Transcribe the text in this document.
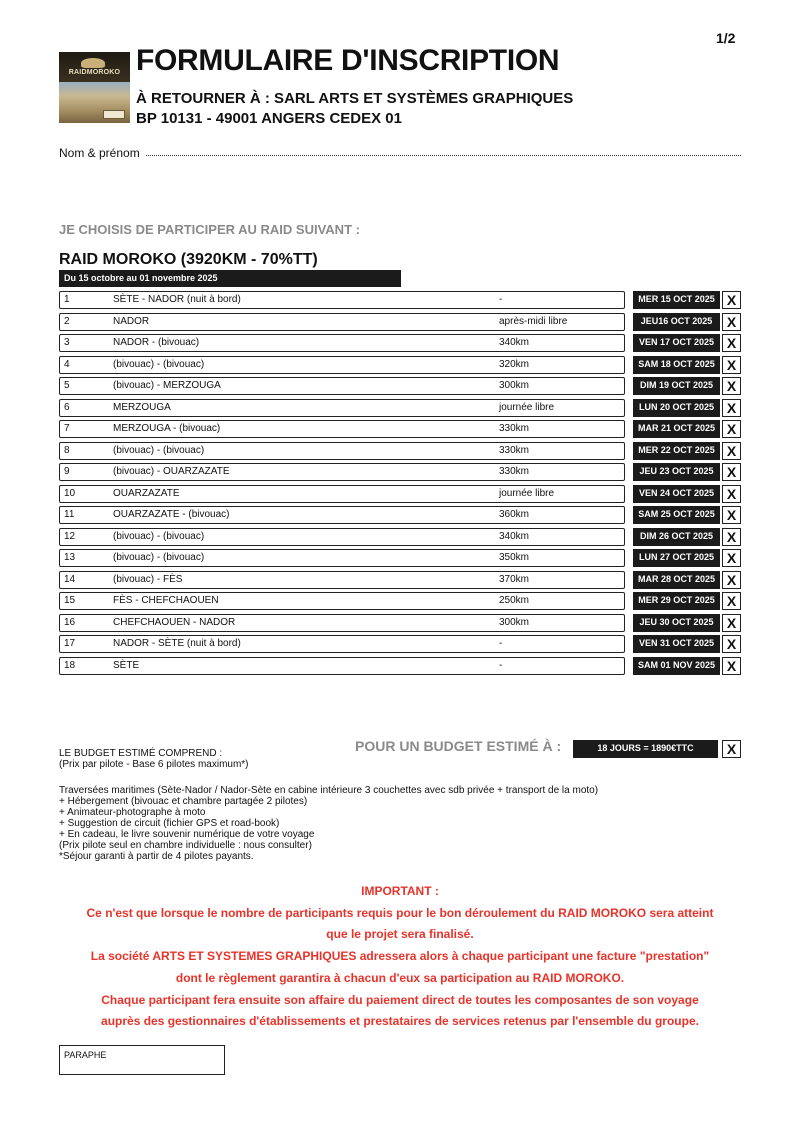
1/2
RAIDMOROKO FORMULAIRE D'INSCRIPTION
À RETOURNER À : SARL ARTS ET SYSTÈMES GRAPHIQUES
BP 10131 - 49001 ANGERS CEDEX 01
Nom & prénom
JE CHOISIS DE PARTICIPER AU RAID SUIVANT :
RAID MOROKO (3920KM - 70%TT)
Du 15 octobre au 01 novembre 2025
1	SÈTE - NADOR (nuit à bord)	-	MER 15 OCT 2025 X
2	NADOR	après-midi libre	JEU16 OCT 2025	X
3	NADOR - (bivouac)	340km	VEN 17 OCT 2025 X
4	(bivouac) - (bivouac)	320km	SAM 18 OCT 2025 X
5	(bivouac) - MERZOUGA	300km	DIM 19 OCT 2025 X
6	MERZOUGA	journée libre	LUN 20 OCT 2025 X
7	MERZOUGA - (bivouac)	330km	MAR 21 OCT 2025 X
8	(bivouac) - (bivouac)	330km	MER 22 OCT 2025 X
9	(bivouac) - OUARZAZATE	330km	JEU 23 OCT 2025 X
10	OUARZAZATE	journée libre	VEN 24 OCT 2025 X
11	OUARZAZATE - (bivouac)	360km	SAM 25 OCT 2025 X
12	(bivouac) - (bivouac)	340km	DIM 26 OCT 2025 X
13	(bivouac) - (bivouac)	350km	LUN 27 OCT 2025 X
14	(bivouac) - FÈS	370km	MAR 28 OCT 2025 X
15	FÈS - CHEFCHAOUEN	250km	MER 29 OCT 2025 X
16	CHEFCHAOUEN - NADOR	300km	JEU 30 OCT 2025 X
17	NADOR - SÈTE (nuit à bord)	-	VEN 31 OCT 2025 X
18	SÈTE	-	SAM 01 NOV 2025 X
POUR UN BUDGET ESTIMÉ À :	18 JOURS = 1890€TTC	X
LE BUDGET ESTIMÉ COMPREND :
(Prix par pilote - Base 6 pilotes maximum*)
Traversées maritimes (Sète-Nador / Nador-Sète en cabine intérieure 3 couchettes avec sdb privée + transport de la moto)
+ Hébergement (bivouac et chambre partagée 2 pilotes)
+ Animateur-photographe à moto
+ Suggestion de circuit (fichier GPS et road-book)
+ En cadeau, le livre souvenir numérique de votre voyage
(Prix pilote seul en chambre individuelle : nous consulter)
*Séjour garanti à partir de 4 pilotes payants.
IMPORTANT :
Ce n'est que lorsque le nombre de participants requis pour le bon déroulement du RAID MOROKO sera atteint
que le projet sera finalisé.
La société ARTS ET SYSTEMES GRAPHIQUES adressera alors à chaque participant une facture "prestation"
dont le règlement garantira à chacun d'eux sa participation au RAID MOROKO.
Chaque participant fera ensuite son affaire du paiement direct de toutes les composantes de son voyage
auprès des gestionnaires d'établissements et prestataires de services retenus par l'ensemble du groupe.
PARAPHE
